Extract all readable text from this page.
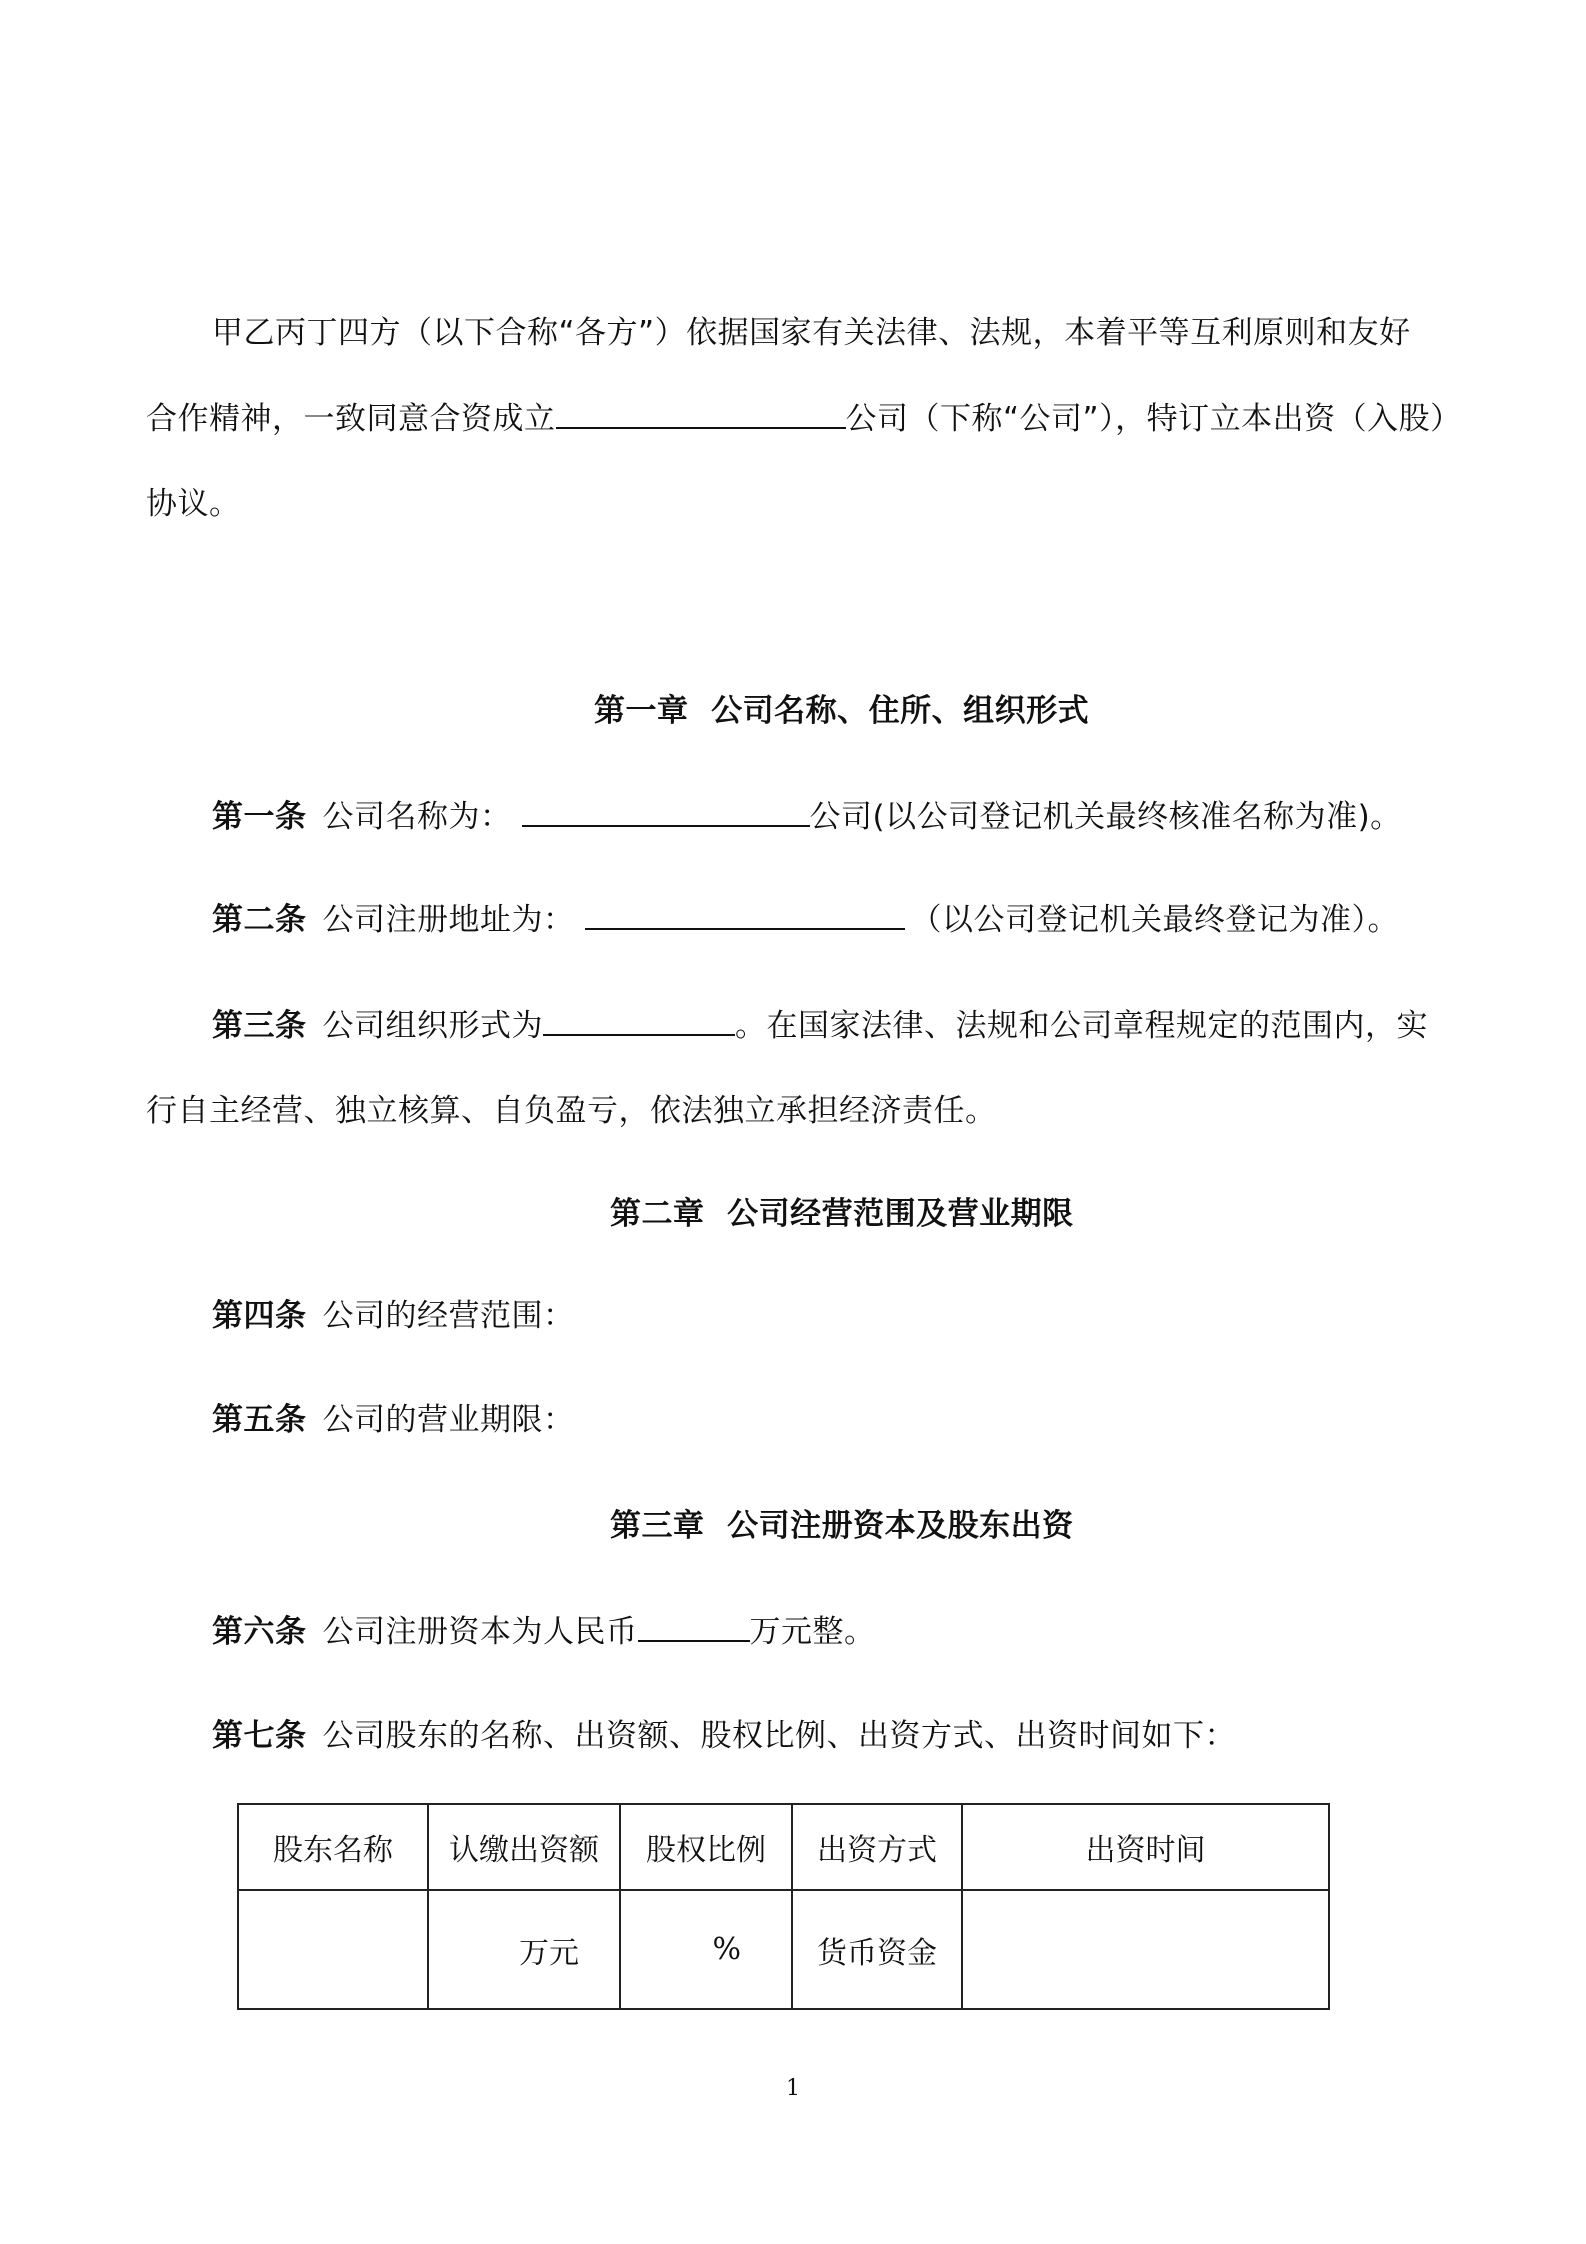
甲乙丙丁四方（以下合称“各方”）依据国家有关法律、法规，本着平等互利原则和友好
合作精神，一致同意合资成立	公司（下称“公司”），特订立本出资（入股）
协议。
第一章  公司名称、住所、组织形式
第一条 公司名称为：	公司(以公司登记机关最终核准名称为准)。
第二条 公司注册地址为：	（以公司登记机关最终登记为准）。
第三条 公司组织形式为	。在国家法律、法规和公司章程规定的范围内，实
行自主经营、独立核算、自负盈亏，依法独立承担经济责任。
第二章  公司经营范围及营业期限
第四条 公司的经营范围：
第五条 公司的营业期限：
第三章  公司注册资本及股东出资
第六条 公司注册资本为人民币	万元整。
第七条 公司股东的名称、出资额、股权比例、出资方式、出资时间如下：
股东名称	认缴出资额	股权比例	出资方式	出资时间
	万元	%	货币资金	
1
